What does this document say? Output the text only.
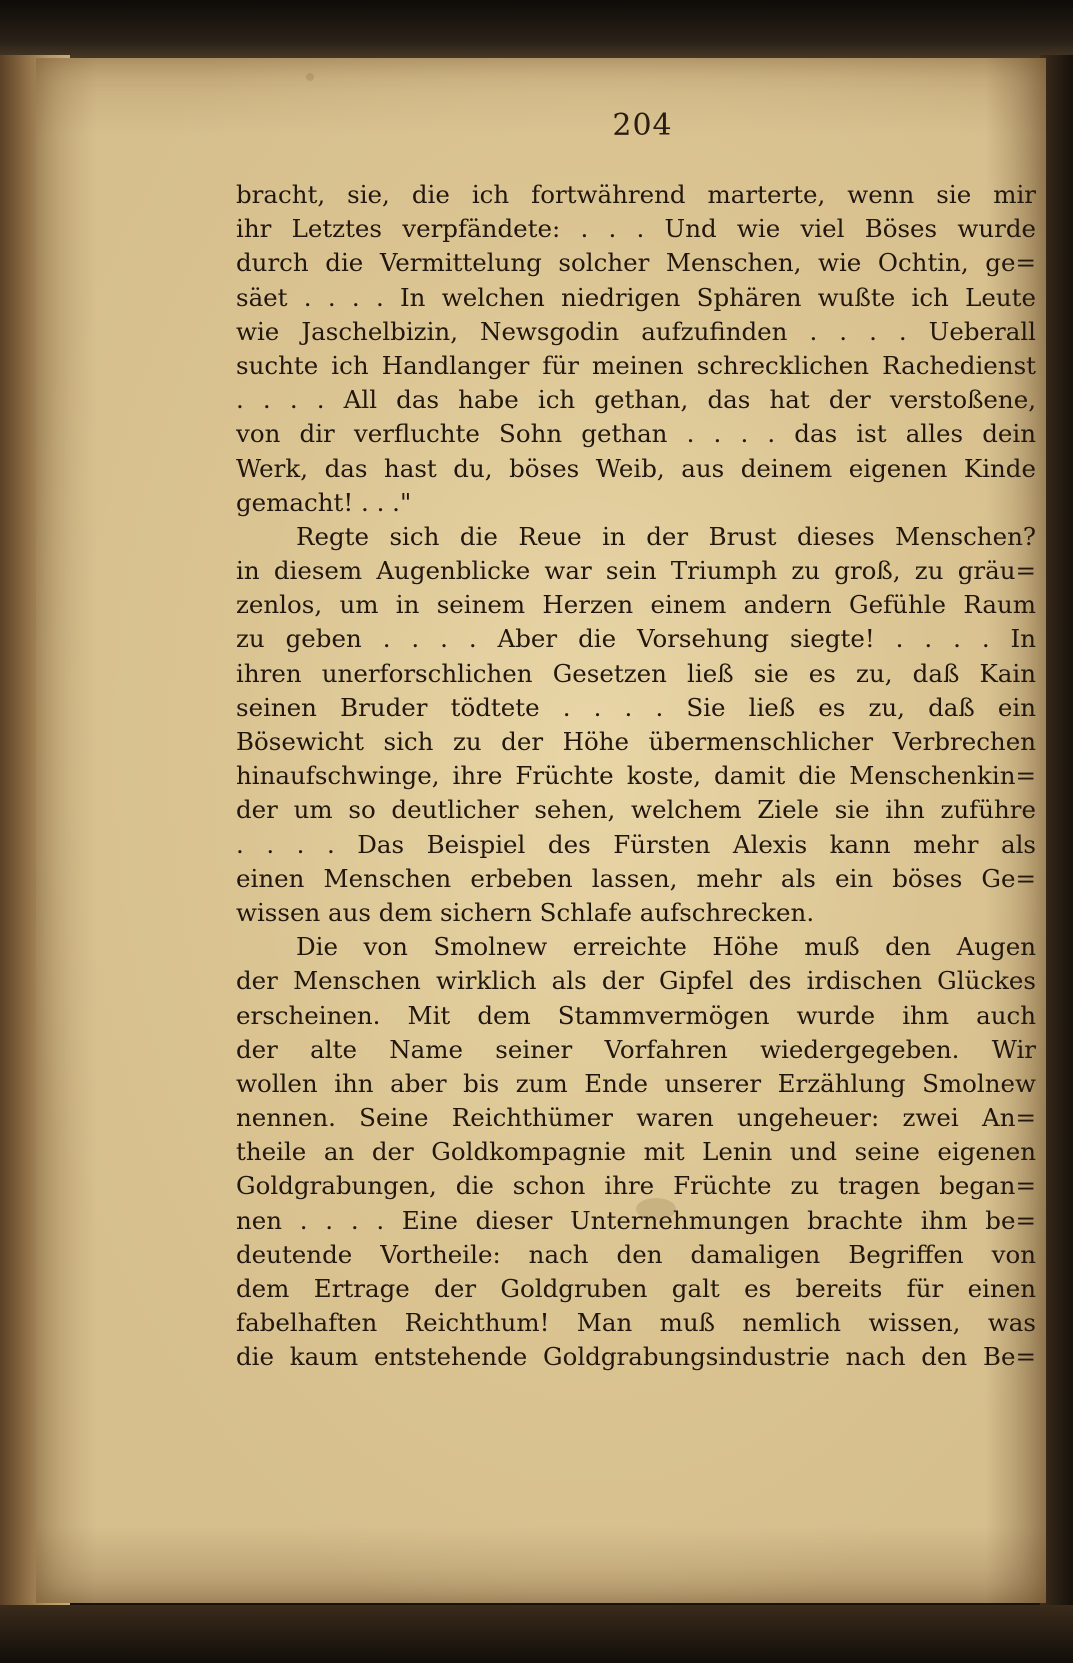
204
bracht, sie, die ich fortwährend marterte, wenn sie mir
ihr Letztes verpfändete: . . . Und wie viel Böses wurde
durch die Vermittelung solcher Menschen, wie Ochtin, ge=
säet . . . . In welchen niedrigen Sphären wußte ich Leute
wie Jaschelbizin, Newsgodin aufzufinden . . . . Ueberall
suchte ich Handlanger für meinen schrecklichen Rachedienst
. . . . All das habe ich gethan, das hat der verstoßene,
von dir verfluchte Sohn gethan . . . . das ist alles dein
Werk, das hast du, böses Weib, aus deinem eigenen Kinde
gemacht! . . ."
Regte sich die Reue in der Brust dieses Menschen?
in diesem Augenblicke war sein Triumph zu groß, zu gräu=
zenlos, um in seinem Herzen einem andern Gefühle Raum
zu geben . . . . Aber die Vorsehung siegte! . . . . In
ihren unerforschlichen Gesetzen ließ sie es zu, daß Kain
seinen Bruder tödtete . . . . Sie ließ es zu, daß ein
Bösewicht sich zu der Höhe übermenschlicher Verbrechen
hinaufschwinge, ihre Früchte koste, damit die Menschenkin=
der um so deutlicher sehen, welchem Ziele sie ihn zuführe
. . . . Das Beispiel des Fürsten Alexis kann mehr als
einen Menschen erbeben lassen, mehr als ein böses Ge=
wissen aus dem sichern Schlafe aufschrecken.
Die von Smolnew erreichte Höhe muß den Augen
der Menschen wirklich als der Gipfel des irdischen Glückes
erscheinen. Mit dem Stammvermögen wurde ihm auch
der alte Name seiner Vorfahren wiedergegeben. Wir
wollen ihn aber bis zum Ende unserer Erzählung Smolnew
nennen. Seine Reichthümer waren ungeheuer: zwei An=
theile an der Goldkompagnie mit Lenin und seine eigenen
Goldgrabungen, die schon ihre Früchte zu tragen began=
nen . . . . Eine dieser Unternehmungen brachte ihm be=
deutende Vortheile: nach den damaligen Begriffen von
dem Ertrage der Goldgruben galt es bereits für einen
fabelhaften Reichthum! Man muß nemlich wissen, was
die kaum entstehende Goldgrabungsindustrie nach den Be=
